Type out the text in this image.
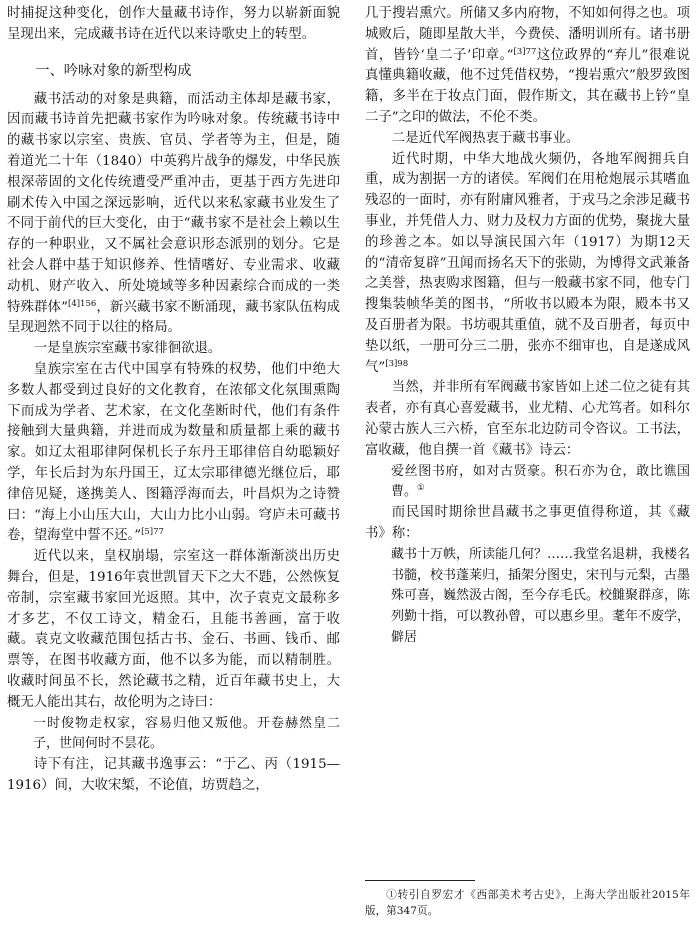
时捕捉这种变化，创作大量藏书诗作，努力以崭新面貌呈现出来，完成藏书诗在近代以来诗歌史上的转型。

一、吟咏对象的新型构成

藏书活动的对象是典籍，而活动主体却是藏书家，因而藏书诗首先把藏书家作为吟咏对象。传统藏书诗中的藏书家以宗室、贵族、官员、学者等为主，但是，随着道光二十年（1840）中英鸦片战争的爆发，中华民族根深蒂固的文化传统遭受严重冲击，更基于西方先进印刷术传入中国之深远影响，近代以来私家藏书业发生了不同于前代的巨大变化，由于“藏书家不是社会上赖以生存的一种职业，又不属社会意识形态派别的划分。它是社会人群中基于知识修养、性情嗜好、专业需求、收藏动机、财产收入、所处境域等多种因素综合而成的一类特殊群体”$^{[4]156}$，新兴藏书家不断涌现，藏书家队伍构成呈现迥然不同于以往的格局。

一是皇族宗室藏书家徘徊欲退。

皇族宗室在古代中国享有特殊的权势，他们中绝大多数人都受到过良好的文化教育，在浓郁文化氛围熏陶下而成为学者、艺术家，在文化垄断时代，他们有条件接触到大量典籍，并进而成为数量和质量都上乘的藏书家。如辽太祖耶律阿保机长子东丹王耶律倍自幼聪颖好学，年长后封为东丹国王，辽太宗耶律德光继位后，耶律倍见疑，遂携美人、图籍浮海而去，叶昌炽为之诗赞曰：“海上小山压大山，大山力比小山弱。穹庐未可藏书卷，望海堂中誓不还。”$^{[5]77}$

近代以来，皇权崩塌，宗室这一群体渐渐淡出历史舞台，但是，1916年袁世凯冒天下之大不韪，公然恢复帝制，宗室藏书家回光返照。其中，次子袁克文最称多才多艺，不仅工诗文，精金石，且能书善画，富于收藏。袁克文收藏范围包括古书、金石、书画、钱币、邮票等，在图书收藏方面，他不以多为能，而以精制胜。收藏时间虽不长，然论藏书之精，近百年藏书史上，大概无人能出其右，故伦明为之诗曰：

一时俊物走权家，容易归他又叛他。开卷赫然皇二子，世间何时不昙花。

诗下有注，记其藏书逸事云：“于乙、丙（1915—1916）间，大收宋椠，不论值，坊贾趋之，

几于搜岩熏穴。所储又多内府物，不知如何得之也。项城败后，随即星散大半，今费侯、潘明训所有。诸书册首，皆钤‘皇二子’印章。”$^{[3]77}$这位政界的“弃儿”很难说真懂典籍收藏，他不过凭借权势，“搜岩熏穴”般罗致图籍，多半在于妆点门面，假作斯文，其在藏书上钤“皇二子”之印的做法，不伦不类。

二是近代军阀热衷于藏书事业。

近代时期，中华大地战火频仍，各地军阀拥兵自重，成为割据一方的诸侯。军阀们在用枪炮展示其嗜血残忍的一面时，亦有附庸风雅者，于戎马之余涉足藏书事业，并凭借人力、财力及权力方面的优势，聚拢大量的珍善之本。如以导演民国六年（1917）为期12天的“清帝复辟”丑闻而扬名天下的张勋，为博得文武兼备之美誉，热衷购求图籍，但与一般藏书家不同，他专门搜集装帧华美的图书，“所收书以殿本为限，殿本书又及百册者为限。书坊覗其重值，就不及百册者，每页中垫以纸，一册可分三二册，张亦不细审也，自是遂成风气”$^{[3]98}$

当然，并非所有军阀藏书家皆如上述二位之徒有其表者，亦有真心喜爱藏书，业尤精、心尤笃者。如科尔沁蒙古族人三六桥，官至东北边防司令咨议。工书法，富收藏，他自撰一首《藏书》诗云：

爱丝图书府，如对古贤豪。积石亦为仓，敢比谯国曹。①

而民国时期徐世昌藏书之事更值得称道，其《藏书》称：

藏书十万帙，所读能几何？……我堂名退耕，我楼名书髓，校书蓬莱归，插架分图史，宋刊与元梨，古墨殊可喜，巍然汲古阁，至今存毛氏。校雠聚群彦，陈列勤十指，可以教孙曾，可以惠乡里。耄年不废学，僻居

①转引自罗宏才《西部美术考古史》，上海大学出版社2015年版，第347页。
